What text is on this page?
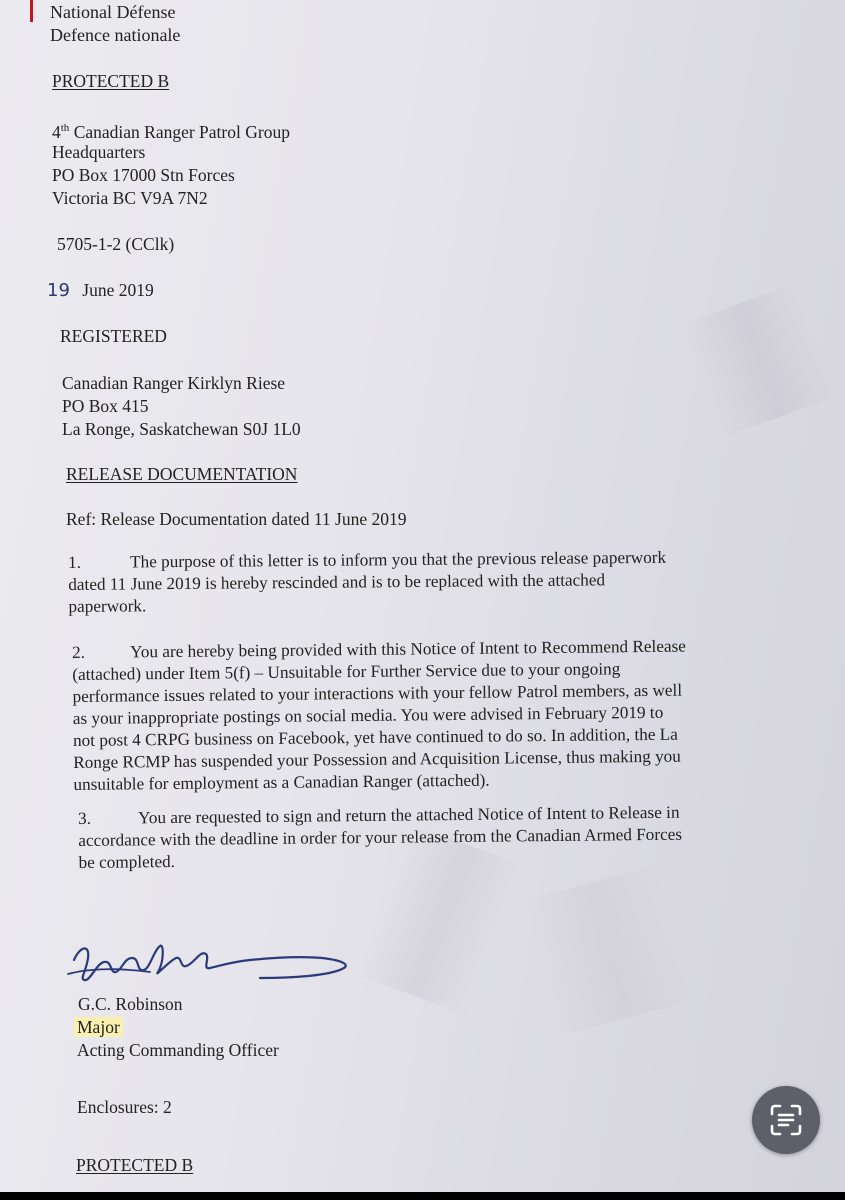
National Défense
Defence nationale
PROTECTED B
4th Canadian Ranger Patrol Group
Headquarters
PO Box 17000 Stn Forces
Victoria BC V9A 7N2
5705-1-2 (CClk)
19 June 2019
REGISTERED
Canadian Ranger Kirklyn Riese
PO Box 415
La Ronge, Saskatchewan S0J 1L0
RELEASE DOCUMENTATION
Ref: Release Documentation dated 11 June 2019
1.	The purpose of this letter is to inform you that the previous release paperwork
dated 11 June 2019 is hereby rescinded and is to be replaced with the attached
paperwork.
2.	You are hereby being provided with this Notice of Intent to Recommend Release
(attached) under Item 5(f) – Unsuitable for Further Service due to your ongoing
performance issues related to your interactions with your fellow Patrol members, as well
as your inappropriate postings on social media. You were advised in February 2019 to
not post 4 CRPG business on Facebook, yet have continued to do so. In addition, the La
Ronge RCMP has suspended your Possession and Acquisition License, thus making you
unsuitable for employment as a Canadian Ranger (attached).
3.	You are requested to sign and return the attached Notice of Intent to Release in
accordance with the deadline in order for your release from the Canadian Armed Forces
be completed.
G.C. Robinson
Major
Acting Commanding Officer
Enclosures: 2
PROTECTED B
